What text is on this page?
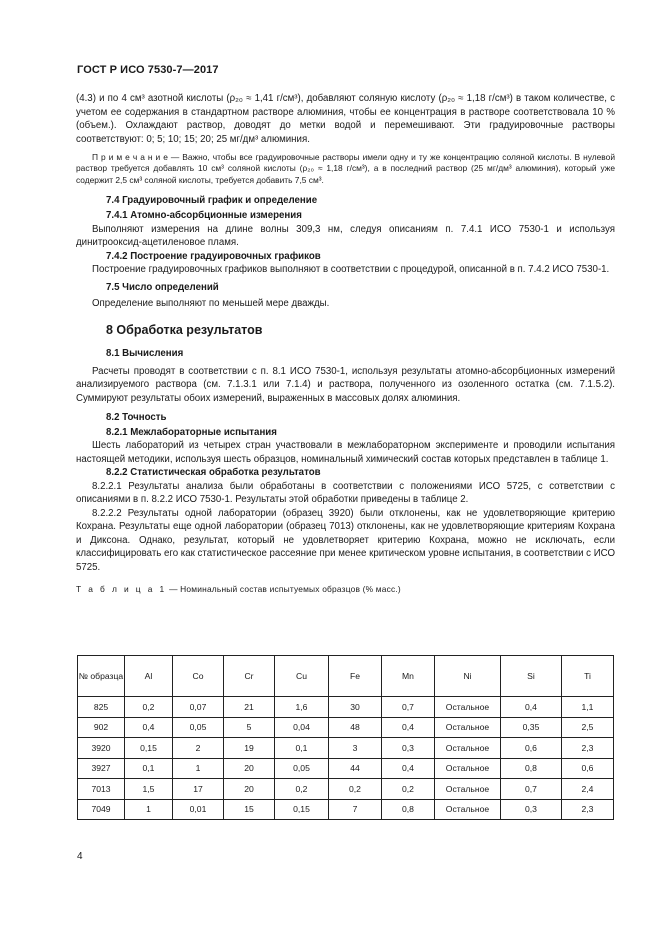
ГОСТ Р ИСО 7530-7—2017

(4.3) и по 4 см³ азотной кислоты (ρ₂₀ ≈ 1,41 г/см³), добавляют соляную кислоту (ρ₂₀ ≈ 1,18 г/см³) в таком количестве, с учетом ее содержания в стандартном растворе алюминия, чтобы ее концентрация в растворе соответствовала 10 % (объем.). Охлаждают раствор, доводят до метки водой и перемешивают. Эти градуировочные растворы соответствуют: 0; 5; 10; 15; 20; 25 мг/дм³ алюминия.

П р и м е ч а н и е — Важно, чтобы все градуировочные растворы имели одну и ту же концентрацию соляной кислоты. В нулевой раствор требуется добавлять 10 см³ соляной кислоты (ρ₂₀ ≈ 1,18 г/см³), а в последний раствор (25 мг/дм³ алюминия), который уже содержит 2,5 см³ соляной кислоты, требуется добавить 7,5 см³.

7.4 Градуировочный график и определение
7.4.1 Атомно-абсорбционные измерения

Выполняют измерения на длине волны 309,3 нм, следуя описаниям п. 7.4.1 ИСО 7530-1 и используя динитрооксид-ацетиленовое пламя.

7.4.2 Построение градуировочных графиков

Построение градуировочных графиков выполняют в соответствии с процедурой, описанной в п. 7.4.2 ИСО 7530-1.

7.5 Число определений

Определение выполняют по меньшей мере дважды.

8 Обработка результатов
8.1 Вычисления

Расчеты проводят в соответствии с п. 8.1 ИСО 7530-1, используя результаты атомно-абсорбционных измерений анализируемого раствора (см. 7.1.3.1 или 7.1.4) и раствора, полученного из озоленного остатка (см. 7.1.5.2). Суммируют результаты обоих измерений, выраженных в массовых долях алюминия.

8.2 Точность
8.2.1 Межлабораторные испытания

Шесть лабораторий из четырех стран участвовали в межлабораторном эксперименте и проводили испытания настоящей методики, используя шесть образцов, номинальный химический состав которых представлен в таблице 1.

8.2.2 Статистическая обработка результатов

8.2.2.1 Результаты анализа были обработаны в соответствии с положениями ИСО 5725, с сответствии с описаниями в п. 8.2.2 ИСО 7530-1. Результаты этой обработки приведены в таблице 2.

8.2.2.2 Результаты одной лаборатории (образец 3920) были отклонены, как не удовлетворяющие критерию Кохрана. Результаты еще одной лаборатории (образец 7013) отклонены, как не удовлетворяющие критериям Кохрана и Диксона. Однако, результат, который не удовлетворяет критерию Кохрана, можно не исключать, если классифицировать его как статистическое рассеяние при менее критическом уровне испытания, в соответствии с ИСО 5725.

Т а б л и ц а 1 — Номинальный состав испытуемых образцов (% масс.)
№ образца	Al	Co	Cr	Cu	Fe	Mn	Ni	Si	Ti
825	0,2	0,07	21	1,6	30	0,7	Остальное	0,4	1,1
902	0,4	0,05	5	0,04	48	0,4	Остальное	0,35	2,5
3920	0,15	2	19	0,1	3	0,3	Остальное	0,6	2,3
3927	0,1	1	20	0,05	44	0,4	Остальное	0,8	0,6
7013	1,5	17	20	0,2	0,2	0,2	Остальное	0,7	2,4
7049	1	0,01	15	0,15	7	0,8	Остальное	0,3	2,3
4
